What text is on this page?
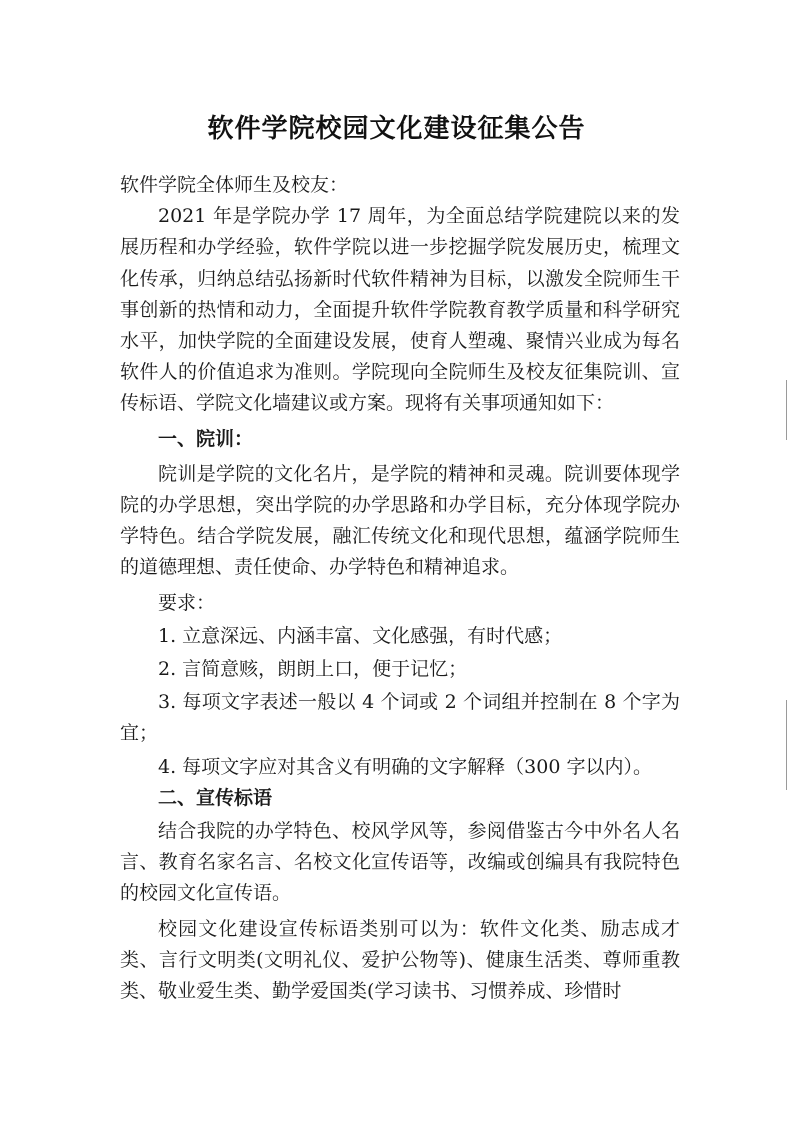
软件学院校园文化建设征集公告

软件学院全体师生及校友：

2021 年是学院办学 17 周年，为全面总结学院建院以来的发展历程和办学经验，软件学院以进一步挖掘学院发展历史，梳理文化传承，归纳总结弘扬新时代软件精神为目标，以激发全院师生干事创新的热情和动力，全面提升软件学院教育教学质量和科学研究水平，加快学院的全面建设发展，使育人塑魂、聚情兴业成为每名软件人的价值追求为准则。学院现向全院师生及校友征集院训、宣传标语、学院文化墙建议或方案。现将有关事项通知如下：

一、院训：

院训是学院的文化名片，是学院的精神和灵魂。院训要体现学院的办学思想，突出学院的办学思路和办学目标，充分体现学院办学特色。结合学院发展，融汇传统文化和现代思想，蕴涵学院师生的道德理想、责任使命、办学特色和精神追求。

要求：

1. 立意深远、内涵丰富、文化感强，有时代感；

2. 言简意赅，朗朗上口，便于记忆；

3. 每项文字表述一般以 4 个词或 2 个词组并控制在 8 个字为宜；

4. 每项文字应对其含义有明确的文字解释（300 字以内）。

二、宣传标语

结合我院的办学特色、校风学风等，参阅借鉴古今中外名人名言、教育名家名言、名校文化宣传语等，改编或创编具有我院特色的校园文化宣传语。

校园文化建设宣传标语类别可以为：软件文化类、励志成才类、言行文明类(文明礼仪、爱护公物等)、健康生活类、尊师重教类、敬业爱生类、勤学爱国类(学习读书、习惯养成、珍惜时
